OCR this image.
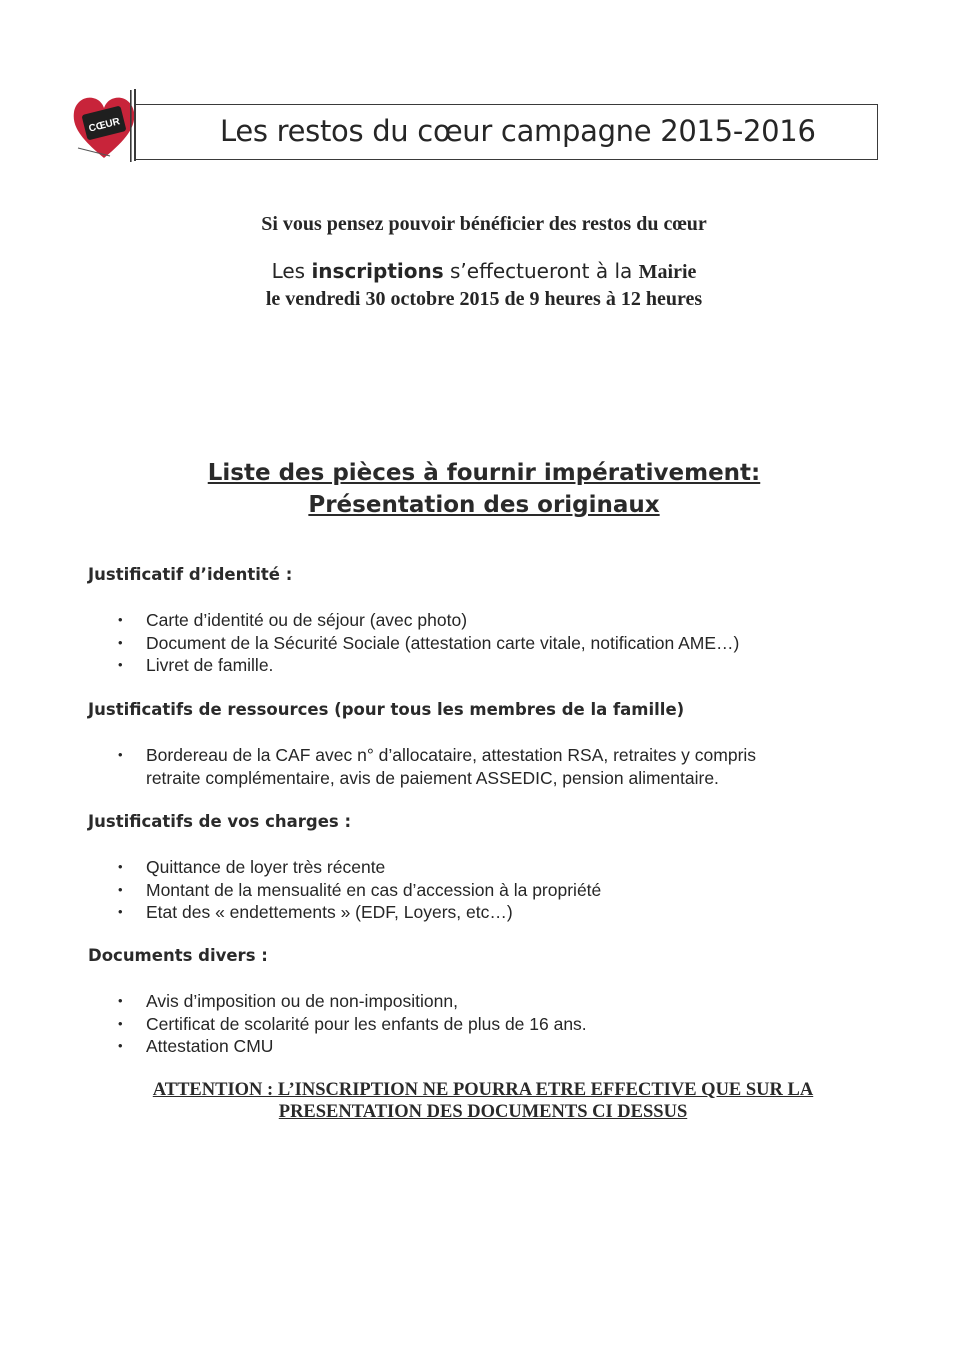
CŒUR	Les restos du cœur campagne 2015-2016
Si vous pensez pouvoir bénéficier des restos du cœur
Les inscriptions s’effectueront à la Mairie
le vendredi 30 octobre 2015 de 9 heures à 12 heures
Liste des pièces à fournir impérativement:
Présentation des originaux
Justificatif d’identité :
• Carte d’identité ou de séjour (avec photo)
• Document de la Sécurité Sociale (attestation carte vitale, notification AME…)
• Livret de famille.
Justificatifs de ressources (pour tous les membres de la famille)
• Bordereau de la CAF avec n° d’allocataire, attestation RSA, retraites y compris
retraite complémentaire, avis de paiement ASSEDIC, pension alimentaire.
Justificatifs de vos charges :
• Quittance de loyer très récente
• Montant de la mensualité en cas d’accession à la propriété
• Etat des « endettements » (EDF, Loyers, etc…)
Documents divers :
• Avis d’imposition ou de non-impositionn,
• Certificat de scolarité pour les enfants de plus de 16 ans.
• Attestation CMU
ATTENTION : L’INSCRIPTION NE POURRA ETRE EFFECTIVE QUE SUR LA
PRESENTATION DES DOCUMENTS CI DESSUS
